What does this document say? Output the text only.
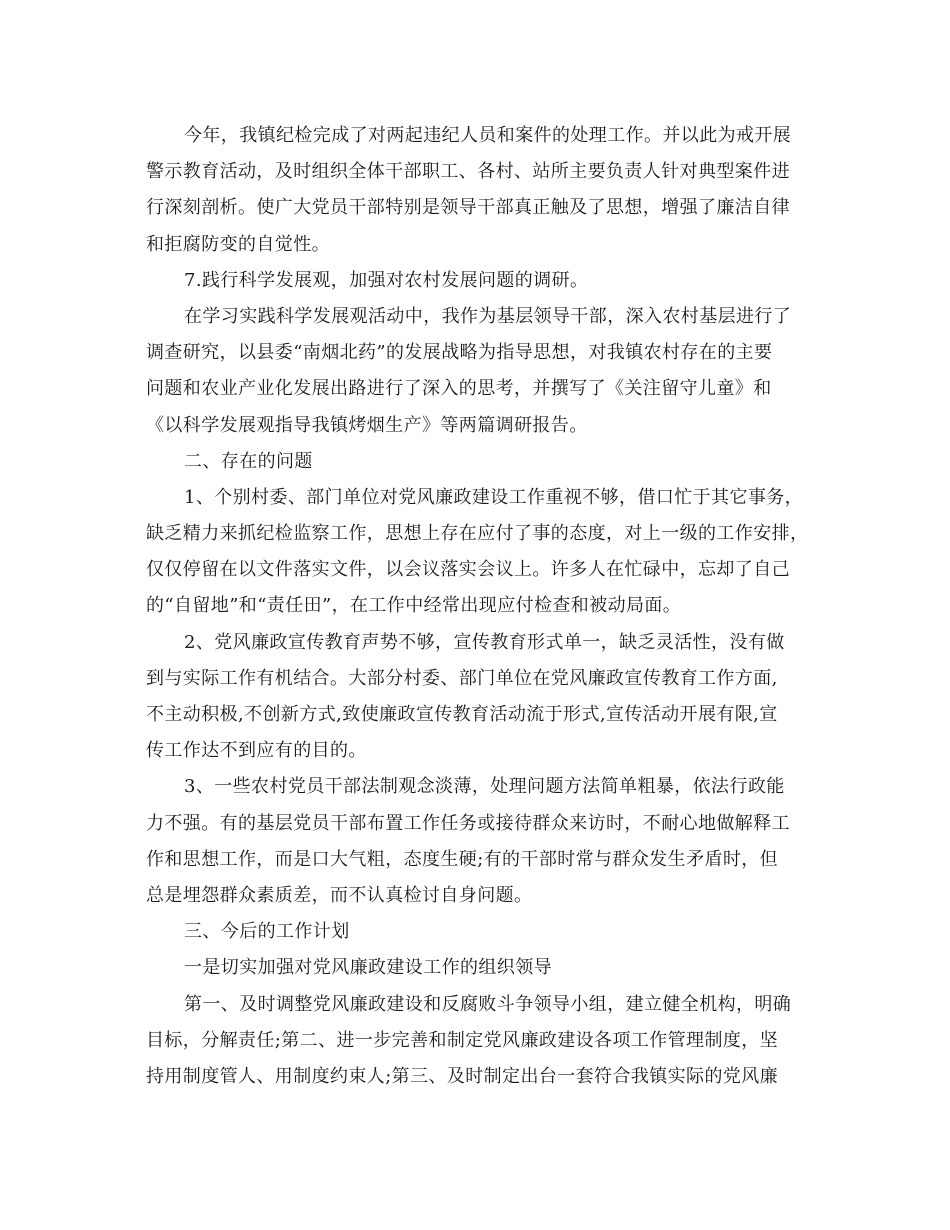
今年，我镇纪检完成了对两起违纪人员和案件的处理工作。并以此为戒开展
警示教育活动，及时组织全体干部职工、各村、站所主要负责人针对典型案件进
行深刻剖析。使广大党员干部特别是领导干部真正触及了思想，增强了廉洁自律
和拒腐防变的自觉性。
7.践行科学发展观，加强对农村发展问题的调研。
在学习实践科学发展观活动中，我作为基层领导干部，深入农村基层进行了
调查研究，以县委“南烟北药”的发展战略为指导思想，对我镇农村存在的主要
问题和农业产业化发展出路进行了深入的思考，并撰写了《关注留守儿童》和
《以科学发展观指导我镇烤烟生产》等两篇调研报告。
二、存在的问题
1、个别村委、部门单位对党风廉政建设工作重视不够，借口忙于其它事务，
缺乏精力来抓纪检监察工作，思想上存在应付了事的态度，对上一级的工作安排，
仅仅停留在以文件落实文件，以会议落实会议上。许多人在忙碌中，忘却了自己
的“自留地”和“责任田”，在工作中经常出现应付检查和被动局面。
2、党风廉政宣传教育声势不够，宣传教育形式单一，缺乏灵活性，没有做
到与实际工作有机结合。大部分村委、部门单位在党风廉政宣传教育工作方面,
不主动积极,不创新方式,致使廉政宣传教育活动流于形式,宣传活动开展有限,宣
传工作达不到应有的目的。
3、一些农村党员干部法制观念淡薄，处理问题方法简单粗暴，依法行政能
力不强。有的基层党员干部布置工作任务或接待群众来访时，不耐心地做解释工
作和思想工作，而是口大气粗，态度生硬;有的干部时常与群众发生矛盾时，但
总是埋怨群众素质差，而不认真检讨自身问题。
三、今后的工作计划
一是切实加强对党风廉政建设工作的组织领导
第一、及时调整党风廉政建设和反腐败斗争领导小组，建立健全机构，明确
目标，分解责任;第二、进一步完善和制定党风廉政建设各项工作管理制度，坚
持用制度管人、用制度约束人;第三、及时制定出台一套符合我镇实际的党风廉
